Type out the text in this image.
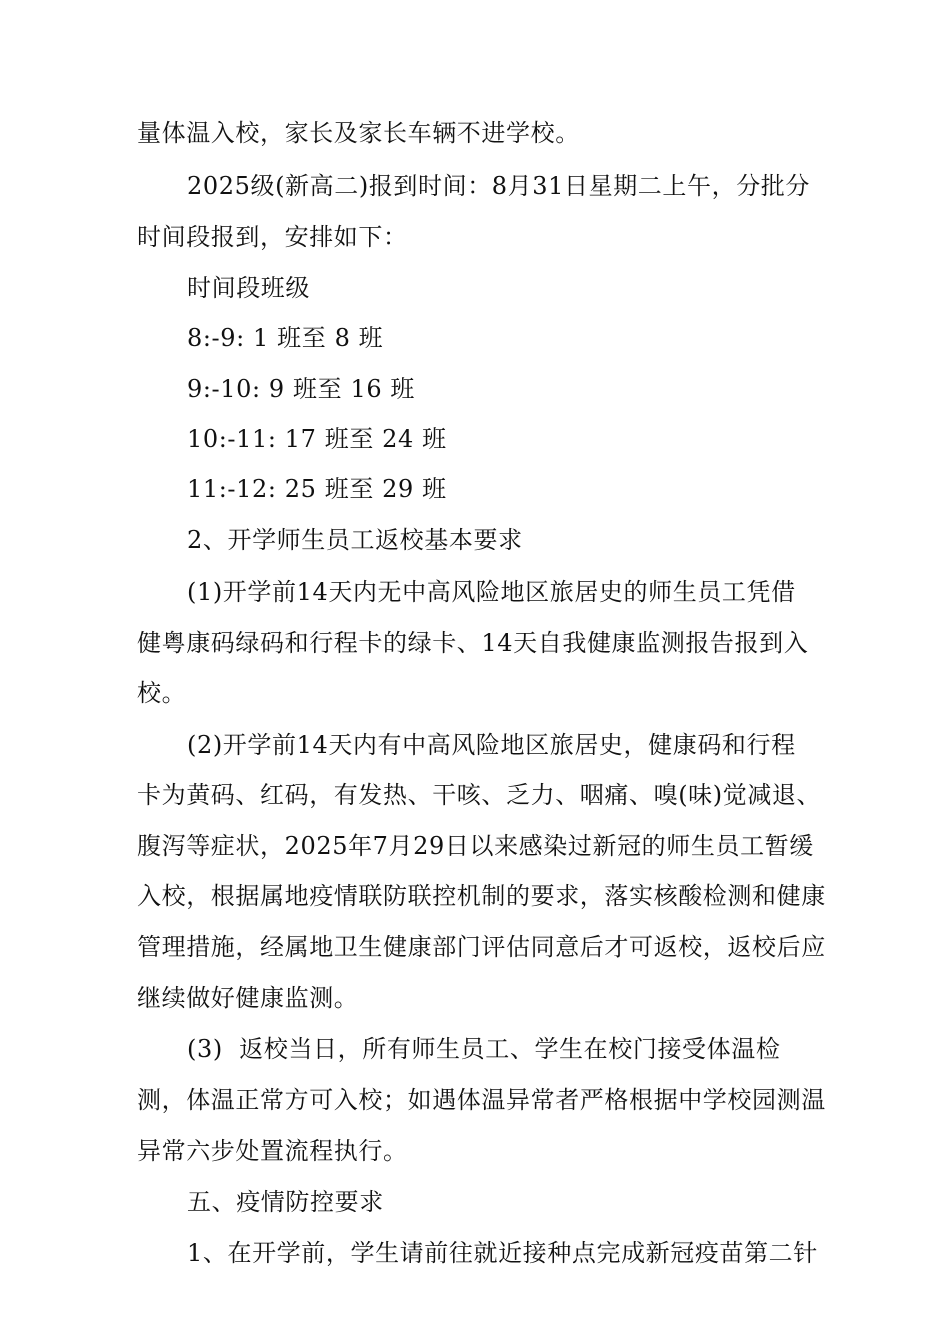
量体温入校，家长及家长车辆不进学校。
2025级(新高二)报到时间：8月31日星期二上午，分批分
时间段报到，安排如下：
时间段班级
8:-9: 1 班至 8 班
9:-10: 9 班至 16 班
10:-11: 17 班至 24 班
11:-12: 25 班至 29 班
2、开学师生员工返校基本要求
(1)开学前14天内无中高风险地区旅居史的师生员工凭借
健粤康码绿码和行程卡的绿卡、14天自我健康监测报告报到入
校。
(2)开学前14天内有中高风险地区旅居史，健康码和行程
卡为黄码、红码，有发热、干咳、乏力、咽痛、嗅(味)觉减退、
腹泻等症状，2025年7月29日以来感染过新冠的师生员工暂缓
入校，根据属地疫情联防联控机制的要求，落实核酸检测和健康
管理措施，经属地卫生健康部门评估同意后才可返校，返校后应
继续做好健康监测。
(3)  返校当日，所有师生员工、学生在校门接受体温检
测，体温正常方可入校；如遇体温异常者严格根据中学校园测温
异常六步处置流程执行。
五、疫情防控要求
1、在开学前，学生请前往就近接种点完成新冠疫苗第二针
